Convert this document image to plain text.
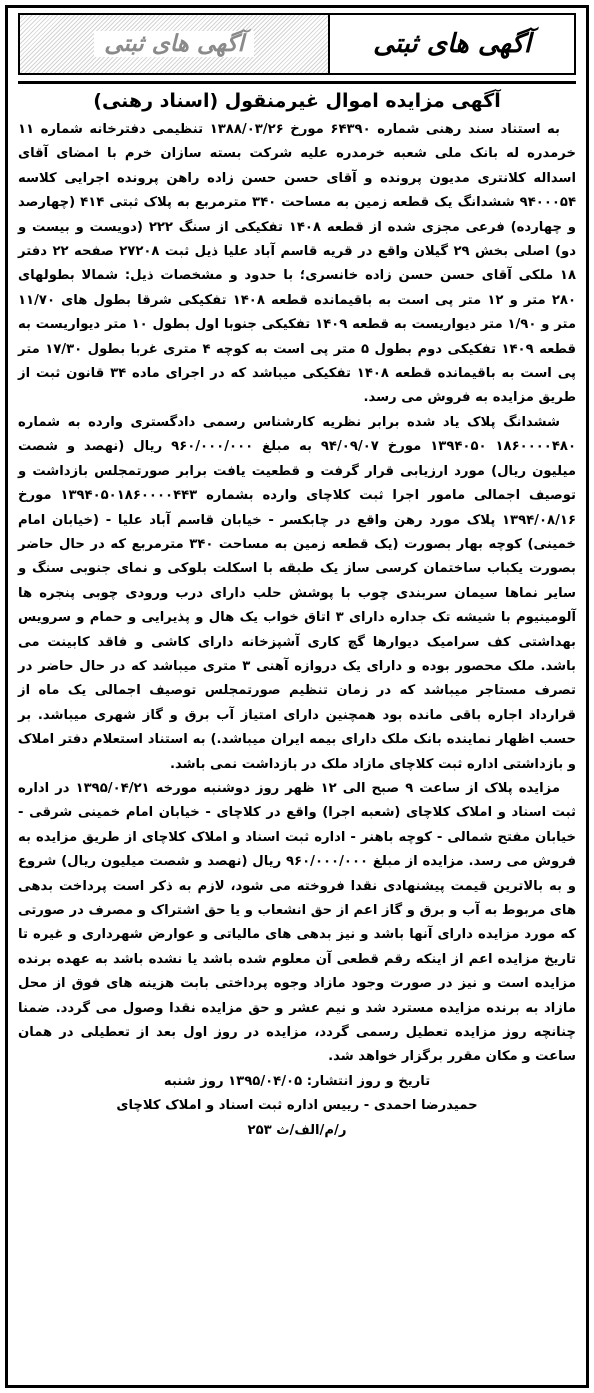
آگهی های ثبتی
آگهی های ثبتی
آگهی مزایده اموال غیرمنقول (اسناد رهنی)

به استناد سند رهنی شماره ۶۴۳۹۰ مورخ ۱۳۸۸/۰۳/۲۶ تنظیمی دفترخانه شماره ۱۱ خرمدره له بانک ملی شعبه خرمدره علیه شرکت بسته سازان خرم با امضای آقای اسداله کلانتری مدیون پرونده و آقای حسن حسن زاده راهن پرونده اجرایی کلاسه ۹۴۰۰۰۵۴ ششدانگ یک قطعه زمین به مساحت ۳۴۰ مترمربع به پلاک ثبتی ۴۱۴ (چهارصد و چهارده) فرعی مجزی شده از قطعه ۱۴۰۸ تفکیکی از سنگ ۲۲۲ (دویست و بیست و دو) اصلی بخش ۲۹ گیلان واقع در قریه قاسم آباد علیا ذیل ثبت ۲۷۲۰۸ صفحه ۲۲ دفتر ۱۸ ملکی آقای حسن حسن زاده خانسری؛ با حدود و مشخصات ذیل: شمالا بطولهای ۲۸۰ متر و ۱۲ متر پی است به باقیمانده قطعه ۱۴۰۸ تفکیکی شرقا بطول های ۱۱/۷۰ متر و ۱/۹۰ متر دیواریست به قطعه ۱۴۰۹ تفکیکی جنوبا اول بطول ۱۰ متر دیواریست به قطعه ۱۴۰۹ تفکیکی دوم بطول ۵ متر پی است به کوچه ۴ متری غربا بطول ۱۷/۳۰ متر پی است به باقیمانده قطعه ۱۴۰۸ تفکیکی میباشد که در اجرای ماده ۳۴ قانون ثبت از طریق مزایده به فروش می رسد.

ششدانگ پلاک یاد شده برابر نظریه کارشناس رسمی دادگستری وارده به شماره ۱۸۶۰۰۰۰۴۸۰ ۱۳۹۴۰۵۰ مورخ ۹۴/۰۹/۰۷ به مبلغ ۹۶۰/۰۰۰/۰۰۰ ریال (نهصد و شصت میلیون ریال) مورد ارزیابی قرار گرفت و قطعیت یافت برابر صورتمجلس بازداشت و توصیف اجمالی مامور اجرا ثبت کلاچای وارده بشماره ۱۳۹۴۰۵۰۱۸۶۰۰۰۰۴۴۳ مورخ ۱۳۹۴/۰۸/۱۶ پلاک مورد رهن واقع در چابکسر - خیابان قاسم آباد علیا - (خیابان امام خمینی) کوچه بهار بصورت (یک قطعه زمین به مساحت ۳۴۰ مترمربع که در حال حاضر بصورت یکباب ساختمان کرسی ساز یک طبقه با اسکلت بلوکی و نمای جنوبی سنگ و سایر نماها سیمان سربندی چوب با پوشش حلب دارای درب ورودی چوبی پنجره ها آلومینیوم با شیشه تک جداره دارای ۳ اتاق خواب یک هال و پذیرایی و حمام و سرویس بهداشتی کف سرامیک دیوارها گچ کاری آشپزخانه دارای کاشی و فاقد کابینت می باشد. ملک محصور بوده و دارای یک دروازه آهنی ۳ متری میباشد که در حال حاضر در تصرف مستاجر میباشد که در زمان تنظیم صورتمجلس توصیف اجمالی یک ماه از قرارداد اجاره باقی مانده بود همچنین دارای امتیاز آب برق و گاز شهری میباشد. بر حسب اظهار نماینده بانک ملک دارای بیمه ایران میباشد.) به استناد استعلام دفتر املاک و بازداشتی اداره ثبت کلاچای مازاد ملک در بازداشت نمی باشد.

مزایده پلاک از ساعت ۹ صبح الی ۱۲ ظهر روز دوشنبه مورخه ۱۳۹۵/۰۴/۲۱ در اداره ثبت اسناد و املاک کلاچای (شعبه اجرا) واقع در کلاچای - خیابان امام خمینی شرقی - خیابان مفتح شمالی - کوچه باهنر - اداره ثبت اسناد و املاک کلاچای از طریق مزایده به فروش می رسد. مزایده از مبلغ ۹۶۰/۰۰۰/۰۰۰ ریال (نهصد و شصت میلیون ریال) شروع و به بالاترین قیمت پیشنهادی نقدا فروخته می شود، لازم به ذکر است پرداخت بدهی های مربوط به آب و برق و گاز اعم از حق انشعاب و یا حق اشتراک و مصرف در صورتی که مورد مزایده دارای آنها باشد و نیز بدهی های مالیاتی و عوارض شهرداری و غیره تا تاریخ مزایده اعم از اینکه رقم قطعی آن معلوم شده باشد یا نشده باشد به عهده برنده مزایده است و نیز در صورت وجود مازاد وجوه پرداختی بابت هزینه های فوق از محل مازاد به برنده مزایده مسترد شد و نیم عشر و حق مزایده نقدا وصول می گردد. ضمنا چنانچه روز مزایده تعطیل رسمی گردد، مزایده در روز اول بعد از تعطیلی در همان ساعت و مکان مقرر برگزار خواهد شد.

تاریخ و روز انتشار: ۱۳۹۵/۰۴/۰۵ روز شنبه
حمیدرضا احمدی - رییس اداره ثبت اسناد و املاک کلاچای
ر/م/الف/ث ۲۵۳
